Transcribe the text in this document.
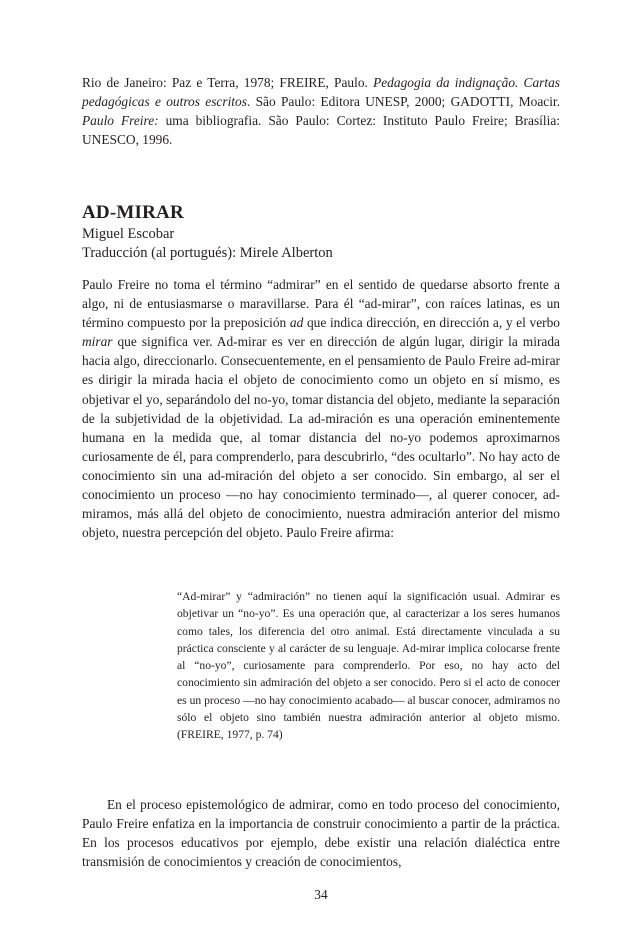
Rio de Janeiro: Paz e Terra, 1978; FREIRE, Paulo. Pedagogia da indignação. Cartas pedagógicas e outros escritos. São Paulo: Editora UNESP, 2000; GADOTTI, Moacir. Paulo Freire: uma bibliografia. São Paulo: Cortez: Instituto Paulo Freire; Brasília: UNESCO, 1996.

AD-MIRAR
Miguel Escobar
Traducción (al portugués): Mirele Alberton

Paulo Freire no toma el término “admirar” en el sentido de quedarse absorto frente a algo, ni de entusiasmarse o maravillarse. Para él “ad-mirar”, con raíces latinas, es un término compuesto por la preposición ad que indica dirección, en dirección a, y el verbo mirar que significa ver. Ad-mirar es ver en dirección de algún lugar, dirigir la mirada hacia algo, direccionarlo. Consecuentemente, en el pensamiento de Paulo Freire ad-mirar es dirigir la mirada hacia el objeto de conocimiento como un objeto en sí mismo, es objetivar el yo, separándolo del no-yo, tomar distancia del objeto, mediante la separación de la subjetividad de la objetividad. La ad-miración es una operación eminentemente humana en la medida que, al tomar distancia del no-yo podemos aproximarnos curiosamente de él, para comprenderlo, para descubrirlo, “des ocultarlo”. No hay acto de conocimiento sin una ad-miración del objeto a ser conocido. Sin embargo, al ser el conocimiento un proceso —no hay conocimiento terminado—, al querer conocer, ad-miramos, más allá del objeto de conocimiento, nuestra admiración anterior del mismo objeto, nuestra percepción del objeto. Paulo Freire afirma:

“Ad-mirar” y “admiración” no tienen aquí la significación usual. Admirar es objetivar un “no-yo”. Es una operación que, al caracterizar a los seres humanos como tales, los diferencia del otro animal. Está directamente vinculada a su práctica consciente y al carácter de su lenguaje. Ad-mirar implica colocarse frente al “no-yo”, curiosamente para comprenderlo. Por eso, no hay acto del conocimiento sin admiración del objeto a ser conocido. Pero si el acto de conocer es un proceso —no hay conocimiento acabado— al buscar conocer, admiramos no sólo el objeto sino también nuestra admiración anterior al objeto mismo. (FREIRE, 1977, p. 74)

En el proceso epistemológico de admirar, como en todo proceso del conocimiento, Paulo Freire enfatiza en la importancia de construir conocimiento a partir de la práctica. En los procesos educativos por ejemplo, debe existir una relación dialéctica entre transmisión de conocimientos y creación de conocimientos,

34
